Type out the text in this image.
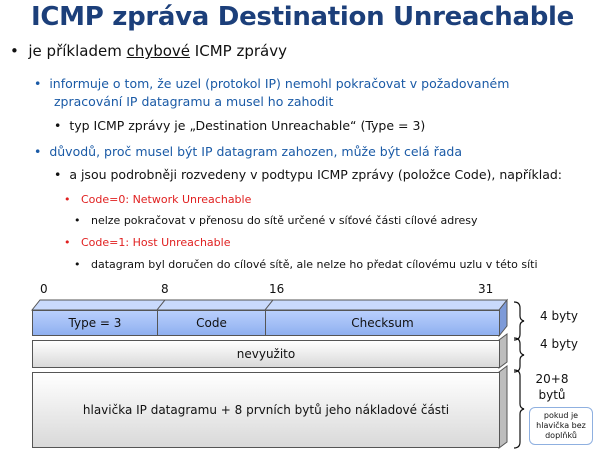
ICMP zpráva Destination Unreachable
•  je příkladem chybové ICMP zprávy
•  informuje o tom, že uzel (protokol IP) nemohl pokračovat v požadovaném
zpracování IP datagramu a musel ho zahodit
•  typ ICMP zprávy je „Destination Unreachable“ (Type = 3)
•  důvodů, proč musel být IP datagram zahozen, může být celá řada
•  a jsou podrobněji rozvedeny v podtypu ICMP zprávy (položce Code), například:
•   Code=0: Network Unreachable
•   nelze pokračovat v přenosu do sítě určené v síťové části cílové adresy
•   Code=1: Host Unreachable
•   datagram byl doručen do cílové sítě, ale nelze ho předat cílovému uzlu v této síti
0	8	16	31
Type = 3	Code	Checksum
nevyužito
hlavička IP datagramu + 8 prvních bytů jeho nákladové části
4 byty
4 byty
20+8
bytů
pokud je
hlavička bez
doplňků
